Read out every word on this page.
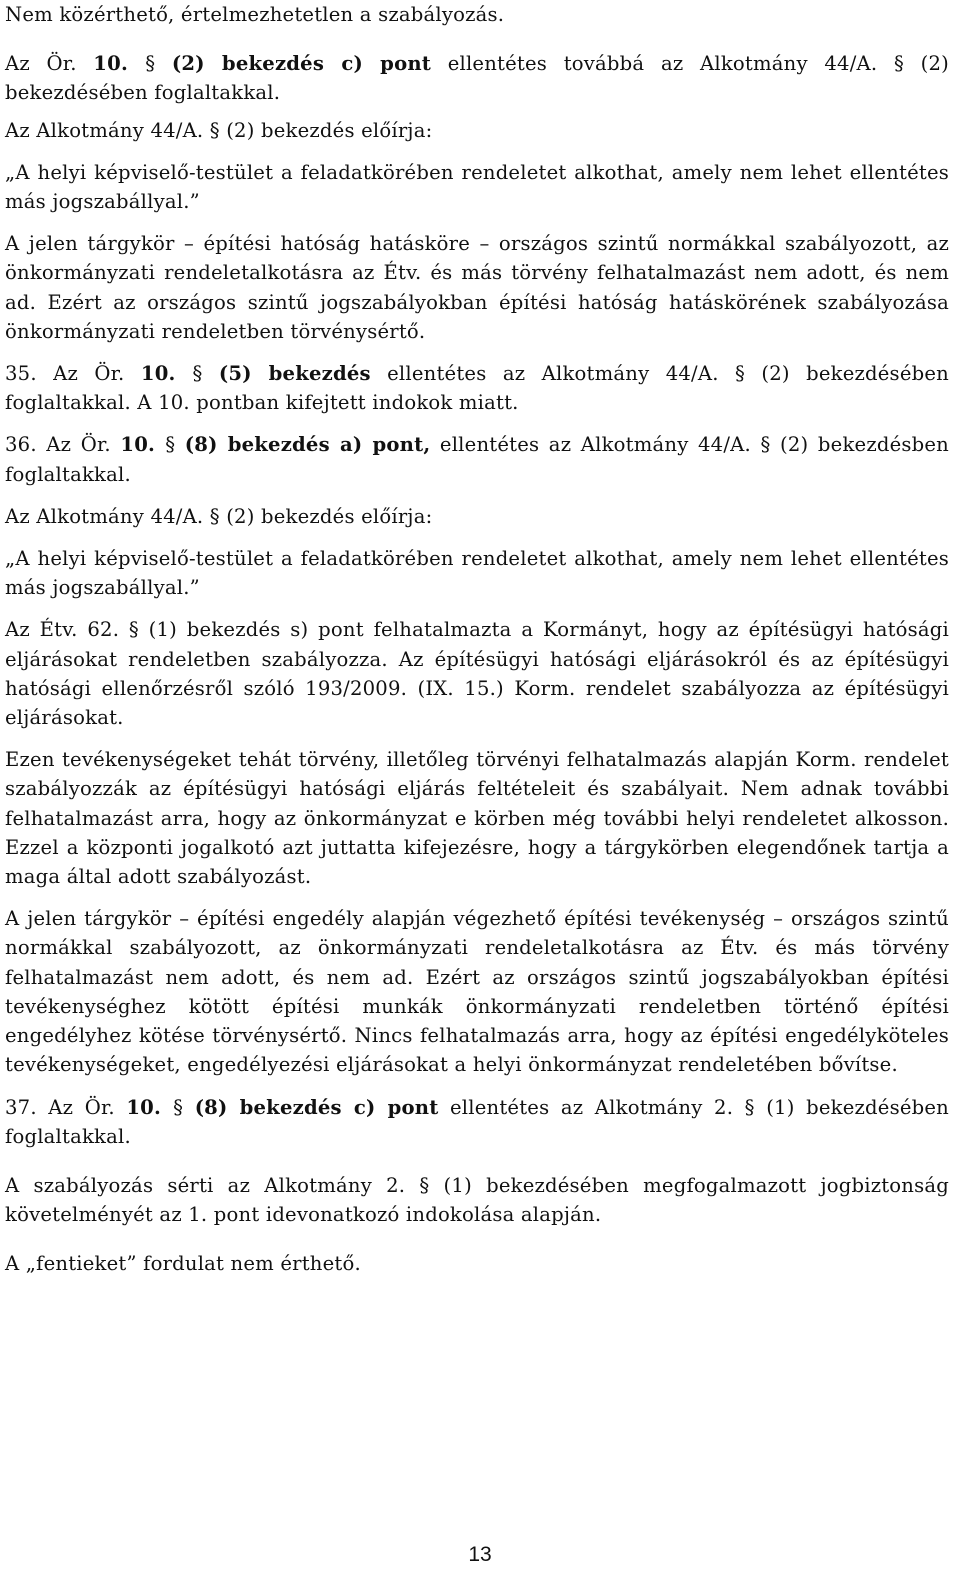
Nem közérthető, értelmezhetetlen a szabályozás.

Az Ör. 10. § (2) bekezdés c) pont ellentétes továbbá az Alkotmány 44/A. § (2) bekezdésében foglaltakkal.

Az Alkotmány 44/A. § (2) bekezdés előírja:

„A helyi képviselő-testület a feladatkörében rendeletet alkothat, amely nem lehet ellentétes más jogszabállyal.”

A jelen tárgykör – építési hatóság hatásköre – országos szintű normákkal szabályozott, az önkormányzati rendeletalkotásra az Étv. és más törvény felhatalmazást nem adott, és nem ad. Ezért az országos szintű jogszabályokban építési hatóság hatáskörének szabályozása önkormányzati rendeletben törvénysértő.

35. Az Ör. 10. § (5) bekezdés ellentétes az Alkotmány 44/A. § (2) bekezdésében foglaltakkal. A 10. pontban kifejtett indokok miatt.

36. Az Ör. 10. § (8) bekezdés a) pont, ellentétes az Alkotmány 44/A. § (2) bekezdésben foglaltakkal.

Az Alkotmány 44/A. § (2) bekezdés előírja:

„A helyi képviselő-testület a feladatkörében rendeletet alkothat, amely nem lehet ellentétes más jogszabállyal.”

Az Étv. 62. § (1) bekezdés s) pont felhatalmazta a Kormányt, hogy az építésügyi hatósági eljárásokat rendeletben szabályozza. Az építésügyi hatósági eljárásokról és az építésügyi hatósági ellenőrzésről szóló 193/2009. (IX. 15.) Korm. rendelet szabályozza az építésügyi eljárásokat.

Ezen tevékenységeket tehát törvény, illetőleg törvényi felhatalmazás alapján Korm. rendelet szabályozzák az építésügyi hatósági eljárás feltételeit és szabályait. Nem adnak további felhatalmazást arra, hogy az önkormányzat e körben még további helyi rendeletet alkosson. Ezzel a központi jogalkotó azt juttatta kifejezésre, hogy a tárgykörben elegendőnek tartja a maga által adott szabályozást.

A jelen tárgykör – építési engedély alapján végezhető építési tevékenység – országos szintű normákkal szabályozott, az önkormányzati rendeletalkotásra az Étv. és más törvény felhatalmazást nem adott, és nem ad. Ezért az országos szintű jogszabályokban építési tevékenységhez kötött építési munkák önkormányzati rendeletben történő építési engedélyhez kötése törvénysértő. Nincs felhatalmazás arra, hogy az építési engedélyköteles tevékenységeket, engedélyezési eljárásokat a helyi önkormányzat rendeletében bővítse.

37. Az Ör. 10. § (8) bekezdés c) pont ellentétes az Alkotmány 2. § (1) bekezdésében foglaltakkal.

A szabályozás sérti az Alkotmány 2. § (1) bekezdésében megfogalmazott jogbiztonság követelményét az 1. pont idevonatkozó indokolása alapján.

A „fentieket” fordulat nem érthető.

13
